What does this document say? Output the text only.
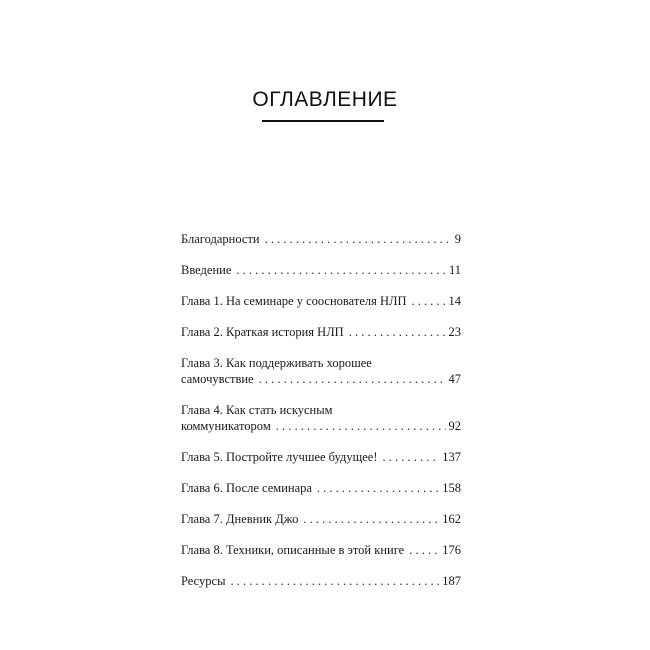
ОГЛАВЛЕНИЕ
Благодарности . . .	9
Введение . . .	11
Глава 1. На семинаре у сооснователя НЛП . . .	14
Глава 2. Краткая история НЛП . . .	23
Глава 3. Как поддерживать хорошее
самочувствие . . .	47
Глава 4. Как стать искусным
коммуникатором . . .	92
Глава 5. Постройте лучшее будущее! . . .	137
Глава 6. После семинара . . .	158
Глава 7. Дневник Джо . . .	162
Глава 8. Техники, описанные в этой книге . . .	176
Ресурсы . . .	187
